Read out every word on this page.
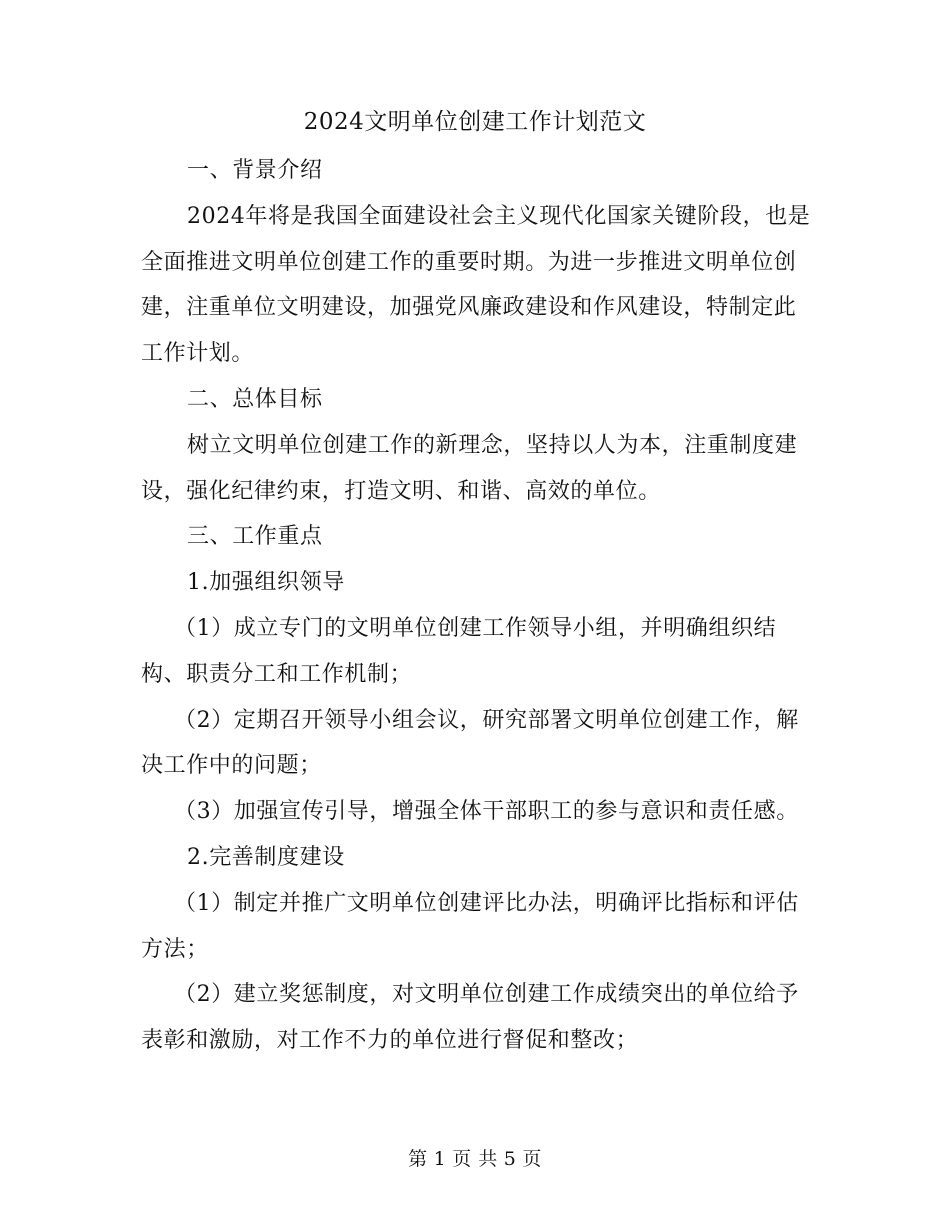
2024文明单位创建工作计划范文

一、背景介绍

2024年将是我国全面建设社会主义现代化国家关键阶段，也是全面推进文明单位创建工作的重要时期。为进一步推进文明单位创建，注重单位文明建设，加强党风廉政建设和作风建设，特制定此工作计划。

二、总体目标

树立文明单位创建工作的新理念，坚持以人为本，注重制度建设，强化纪律约束，打造文明、和谐、高效的单位。

三、工作重点

1.加强组织领导

（1）成立专门的文明单位创建工作领导小组，并明确组织结构、职责分工和工作机制；

（2）定期召开领导小组会议，研究部署文明单位创建工作，解决工作中的问题；

（3）加强宣传引导，增强全体干部职工的参与意识和责任感。

2.完善制度建设

（1）制定并推广文明单位创建评比办法，明确评比指标和评估方法；

（2）建立奖惩制度，对文明单位创建工作成绩突出的单位给予表彰和激励，对工作不力的单位进行督促和整改；

第 1 页 共 5 页
